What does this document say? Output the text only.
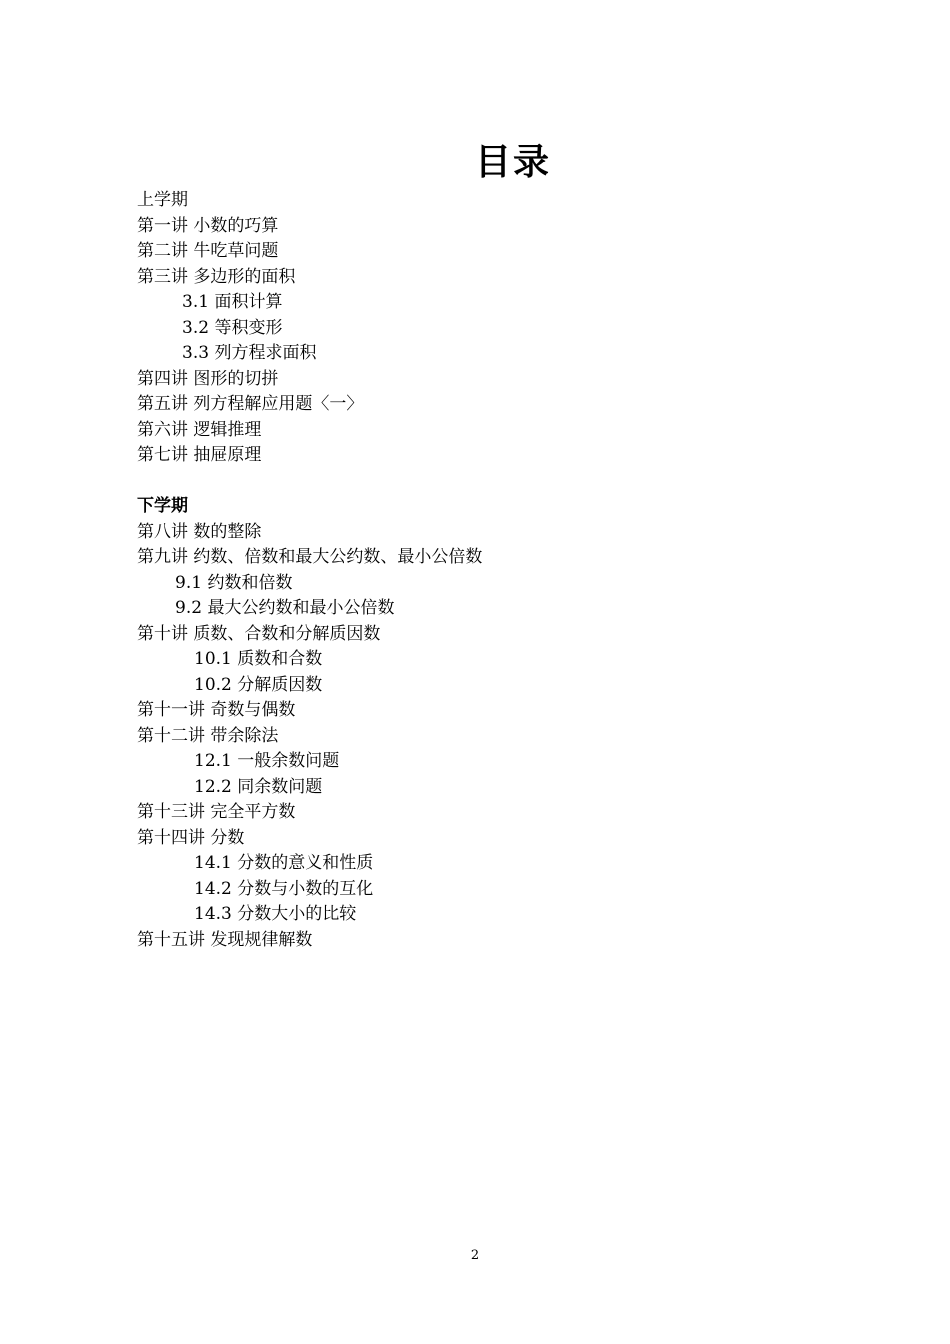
目录
上学期
第一讲 小数的巧算
第二讲 牛吃草问题
第三讲 多边形的面积
3.1 面积计算
3.2 等积变形
3.3 列方程求面积
第四讲 图形的切拼
第五讲 列方程解应用题〈一〉
第六讲 逻辑推理
第七讲 抽屉原理
下学期
第八讲 数的整除
第九讲 约数、倍数和最大公约数、最小公倍数
9.1 约数和倍数
9.2 最大公约数和最小公倍数
第十讲 质数、合数和分解质因数
10.1 质数和合数
10.2 分解质因数
第十一讲 奇数与偶数
第十二讲 带余除法
12.1 一般余数问题
12.2 同余数问题
第十三讲 完全平方数
第十四讲 分数
14.1 分数的意义和性质
14.2 分数与小数的互化
14.3 分数大小的比较
第十五讲 发现规律解数
2
